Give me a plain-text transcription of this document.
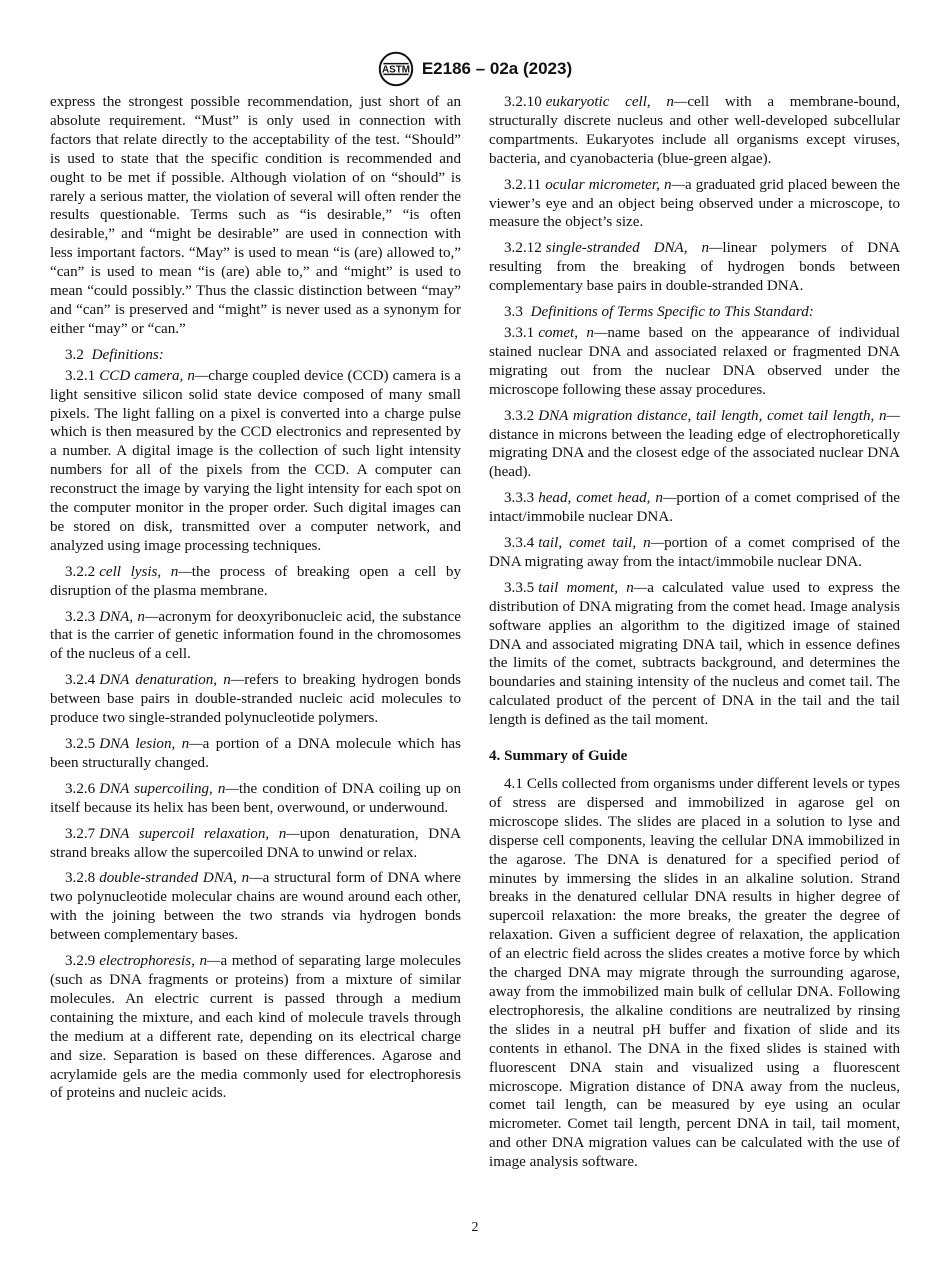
ASTM E2186 – 02a (2023)

express the strongest possible recommendation, just short of an absolute requirement. “Must” is only used in connection with factors that relate directly to the acceptability of the test. “Should” is used to state that the specific condition is recommended and ought to be met if possible. Although violation of on “should” is rarely a serious matter, the violation of several will often render the results questionable. Terms such as “is desirable,” “is often desirable,” and “might be desirable” are used in connection with less important factors. “May” is used to mean “is (are) allowed to,” “can” is used to mean “is (are) able to,” and “might” is used to mean “could possibly.” Thus the classic distinction between “may” and “can” is preserved and “might” is never used as a synonym for either “may” or “can.”

3.2 Definitions:

3.2.1 CCD camera, n—charge coupled device (CCD) camera is a light sensitive silicon solid state device composed of many small pixels. The light falling on a pixel is converted into a charge pulse which is then measured by the CCD electronics and represented by a number. A digital image is the collection of such light intensity numbers for all of the pixels from the CCD. A computer can reconstruct the image by varying the light intensity for each spot on the computer monitor in the proper order. Such digital images can be stored on disk, transmitted over a computer network, and analyzed using image processing techniques.

3.2.2 cell lysis, n—the process of breaking open a cell by disruption of the plasma membrane.

3.2.3 DNA, n—acronym for deoxyribonucleic acid, the substance that is the carrier of genetic information found in the chromosomes of the nucleus of a cell.

3.2.4 DNA denaturation, n—refers to breaking hydrogen bonds between base pairs in double-stranded nucleic acid molecules to produce two single-stranded polynucleotide polymers.

3.2.5 DNA lesion, n—a portion of a DNA molecule which has been structurally changed.

3.2.6 DNA supercoiling, n—the condition of DNA coiling up on itself because its helix has been bent, overwound, or underwound.

3.2.7 DNA supercoil relaxation, n—upon denaturation, DNA strand breaks allow the supercoiled DNA to unwind or relax.

3.2.8 double-stranded DNA, n—a structural form of DNA where two polynucleotide molecular chains are wound around each other, with the joining between the two strands via hydrogen bonds between complementary bases.

3.2.9 electrophoresis, n—a method of separating large molecules (such as DNA fragments or proteins) from a mixture of similar molecules. An electric current is passed through a medium containing the mixture, and each kind of molecule travels through the medium at a different rate, depending on its electrical charge and size. Separation is based on these differences. Agarose and acrylamide gels are the media commonly used for electrophoresis of proteins and nucleic acids.

3.2.10 eukaryotic cell, n—cell with a membrane-bound, structurally discrete nucleus and other well-developed subcellular compartments. Eukaryotes include all organisms except viruses, bacteria, and cyanobacteria (blue-green algae).

3.2.11 ocular micrometer, n—a graduated grid placed beween the viewer’s eye and an object being observed under a microscope, to measure the object’s size.

3.2.12 single-stranded DNA, n—linear polymers of DNA resulting from the breaking of hydrogen bonds between complementary base pairs in double-stranded DNA.

3.3 Definitions of Terms Specific to This Standard:

3.3.1 comet, n—name based on the appearance of individual stained nuclear DNA and associated relaxed or fragmented DNA migrating out from the nuclear DNA observed under the microscope following these assay procedures.

3.3.2 DNA migration distance, tail length, comet tail length, n—distance in microns between the leading edge of electrophoretically migrating DNA and the closest edge of the associated nuclear DNA (head).

3.3.3 head, comet head, n—portion of a comet comprised of the intact/immobile nuclear DNA.

3.3.4 tail, comet tail, n—portion of a comet comprised of the DNA migrating away from the intact/immobile nuclear DNA.

3.3.5 tail moment, n—a calculated value used to express the distribution of DNA migrating from the comet head. Image analysis software applies an algorithm to the digitized image of stained DNA and associated migrating DNA tail, which in essence defines the limits of the comet, subtracts background, and determines the boundaries and staining intensity of the nucleus and comet tail. The calculated product of the percent of DNA in the tail and the tail length is defined as the tail moment.

4. Summary of Guide

4.1 Cells collected from organisms under different levels or types of stress are dispersed and immobilized in agarose gel on microscope slides. The slides are placed in a solution to lyse and disperse cell components, leaving the cellular DNA immobilized in the agarose. The DNA is denatured for a specified period of minutes by immersing the slides in an alkaline solution. Strand breaks in the denatured cellular DNA results in higher degree of supercoil relaxation: the more breaks, the greater the degree of relaxation. Given a sufficient degree of relaxation, the application of an electric field across the slides creates a motive force by which the charged DNA may migrate through the surrounding agarose, away from the immobilized main bulk of cellular DNA. Following electrophoresis, the alkaline conditions are neutralized by rinsing the slides in a neutral pH buffer and fixation of slide and its contents in ethanol. The DNA in the fixed slides is stained with fluorescent DNA stain and visualized using a fluorescent microscope. Migration distance of DNA away from the nucleus, comet tail length, can be measured by eye using an ocular micrometer. Comet tail length, percent DNA in tail, tail moment, and other DNA migration values can be calculated with the use of image analysis software.

2
